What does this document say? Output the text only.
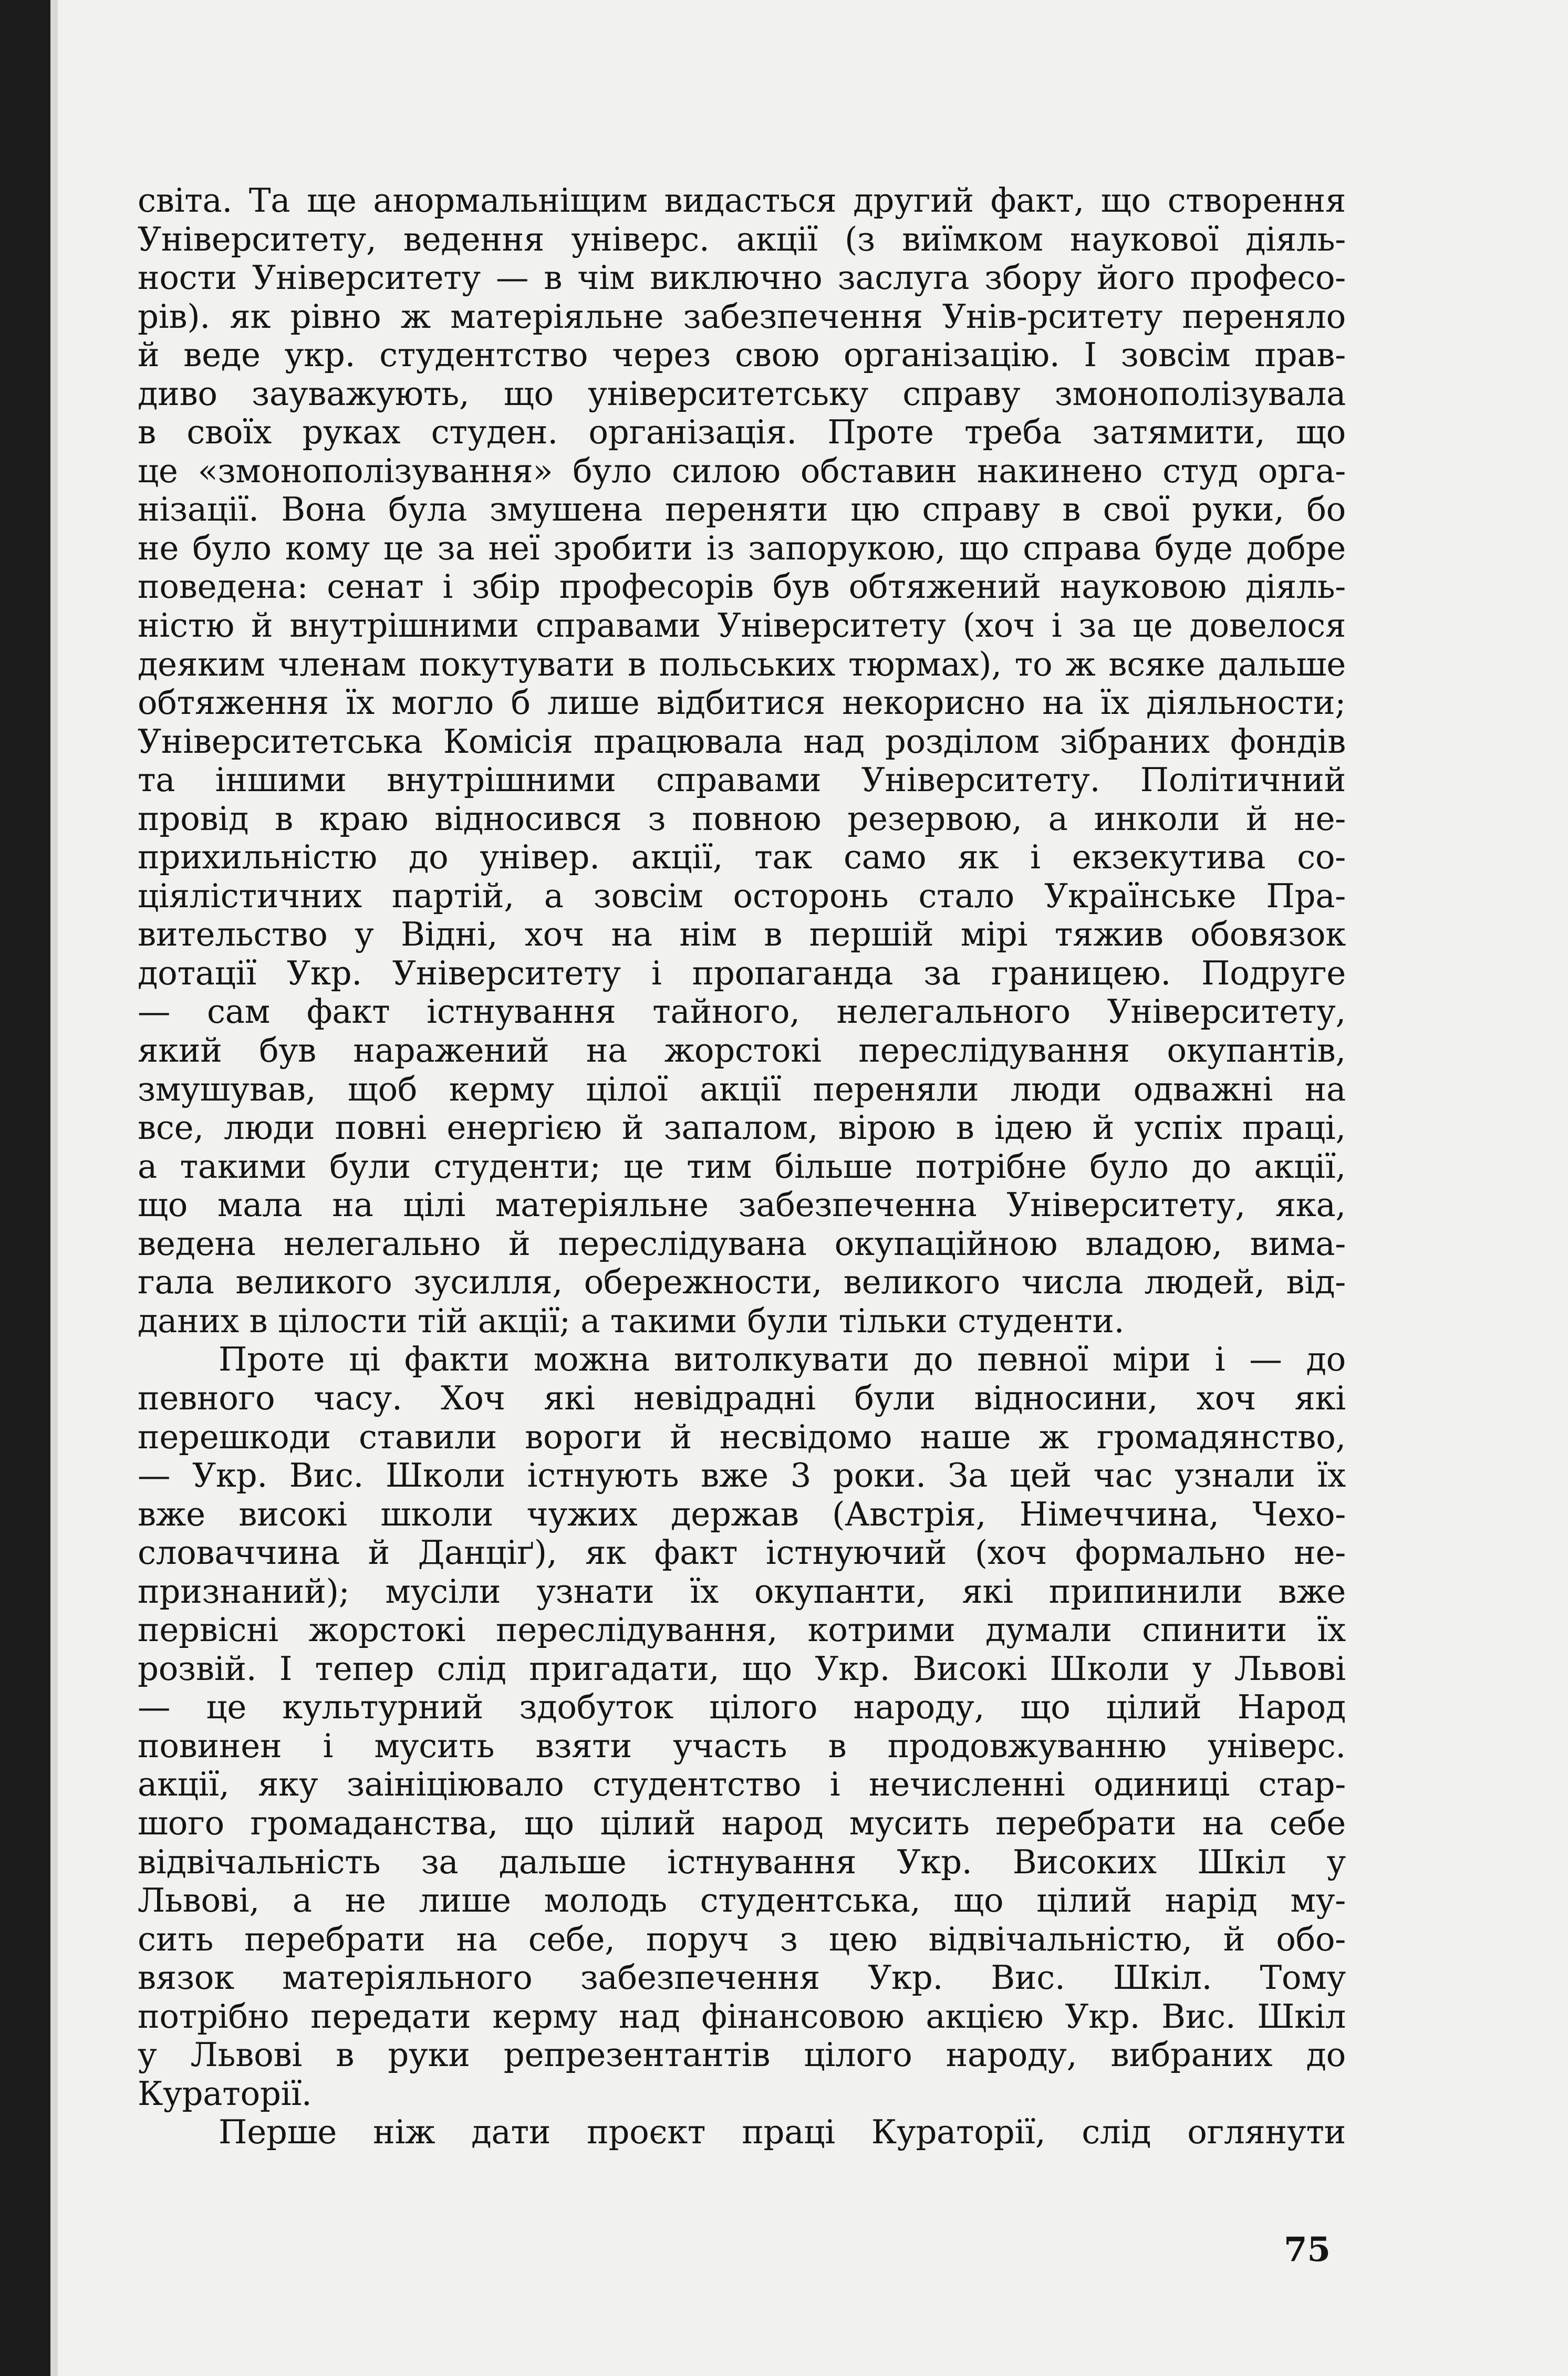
світа. Та ще анормальніщим видасться другий факт, що створення
Університету, ведення універс. акції (з виїмком наукової діяль-
ности Університету — в чім виключно заслуга збору його професо-
рів). як рівно ж матеріяльне забезпечення Унів-рситету переняло
й веде укр. студентство через свою організацію. І зовсім прав-
диво зауважують, що університетську справу змонополізувала
в своїх руках студен. організація. Проте треба затямити, що
це «змонополізування» було силою обставин накинено студ орга-
нізації. Вона була змушена переняти цю справу в свої руки, бо
не було кому це за неї зробити із запорукою, що справа буде добре
поведена: сенат і збір професорів був обтяжений науковою діяль-
ністю й внутрішними справами Університету (хоч і за це довелося
деяким членам покутувати в польських тюрмах), то ж всяке дальше
обтяження їх могло б лише відбитися некорисно на їх діяльности;
Університетська Комісія працювала над розділом зібраних фондів
та іншими внутрішними справами Університету. Політичний
провід в краю відносився з повною резервою, а инколи й не-
прихильністю до універ. акції, так само як і екзекутива со-
ціялістичних партій, а зовсім осторонь стало Українське Пра-
вительство у Відні, хоч на нім в першій мірі тяжив обовязок
дотації Укр. Університету і пропаганда за границею. Подруге
— сам факт істнування тайного, нелегального Університету,
який був наражений на жорстокі переслідування окупантів,
змушував, щоб керму цілої акції переняли люди одважні на
все, люди повні енергією й запалом, вірою в ідею й успіх праці,
а такими були студенти; це тим більше потрібне було до акції,
що мала на цілі матеріяльне забезпеченна Університету, яка,
ведена нелегально й переслідувана окупаційною владою, вима-
гала великого зусилля, обережности, великого числа людей, від-
даних в цілости тій акції; а такими були тільки студенти.
Проте ці факти можна витолкувати до певної міри і — до
певного часу. Хоч які невідрадні були відносини, хоч які
перешкоди ставили вороги й несвідомо наше ж громадянство,
— Укр. Вис. Школи істнують вже 3 роки. За цей час узнали їх
вже високі школи чужих держав (Австрія, Німеччина, Чехо-
словаччина й Данціґ), як факт істнуючий (хоч формально не-
признаний); мусіли узнати їх окупанти, які припинили вже
первісні жорстокі переслідування, котрими думали спинити їх
розвій. І тепер слід пригадати, що Укр. Високі Школи у Львові
— це культурний здобуток цілого народу, що цілий Народ
повинен і мусить взяти участь в продовжуванню універс.
акції, яку заініціювало студентство і нечисленні одиниці стар-
шого громаданства, що цілий народ мусить перебрати на себе
відвічальність за дальше істнування Укр. Високих Шкіл у
Львові, а не лише молодь студентська, що цілий нарід му-
сить перебрати на себе, поруч з цею відвічальністю, й обо-
вязок матеріяльного забезпечення Укр. Вис. Шкіл. Тому
потрібно передати керму над фінансовою акцією Укр. Вис. Шкіл
у Львові в руки репрезентантів цілого народу, вибраних до
Кураторії.
Перше ніж дати проєкт праці Кураторії, слід оглянути
75
